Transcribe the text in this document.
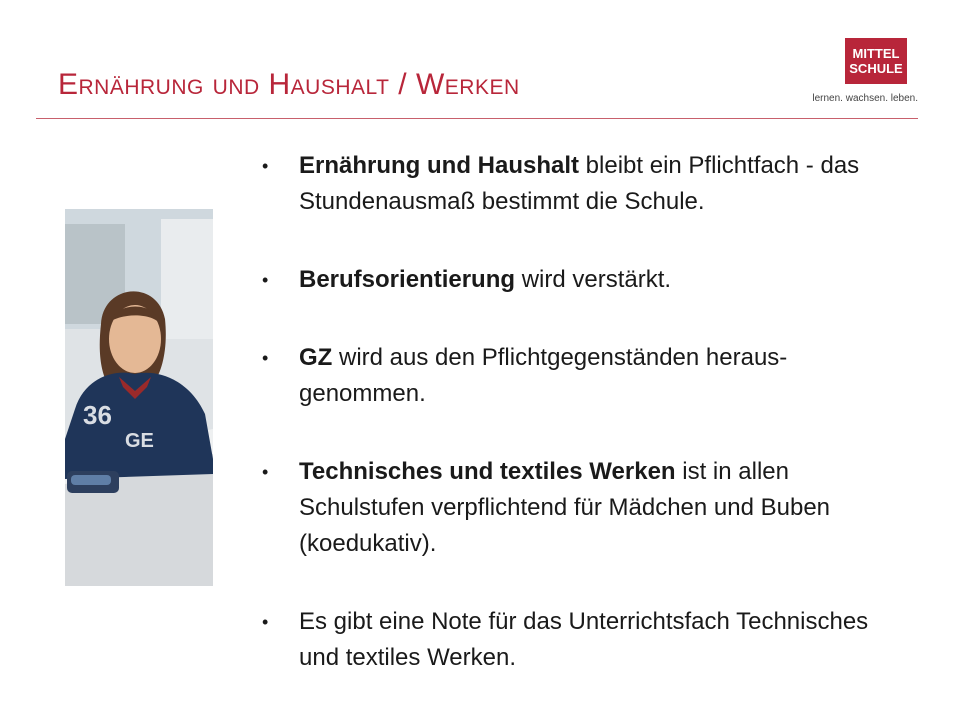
Ernährung und Haushalt / Werken
MITTEL
SCHULE
lernen. wachsen. leben.
36
GE
• Ernährung und Haushalt bleibt ein Pflichtfach - das Stundenausmaß bestimmt die Schule.
• Berufsorientierung wird verstärkt.
• GZ wird aus den Pflichtgegenständen heraus-genommen.
• Technisches und textiles Werken ist in allen Schulstufen verpflichtend für Mädchen und Buben (koedukativ).
• Es gibt eine Note für das Unterrichtsfach Technisches und textiles Werken.
